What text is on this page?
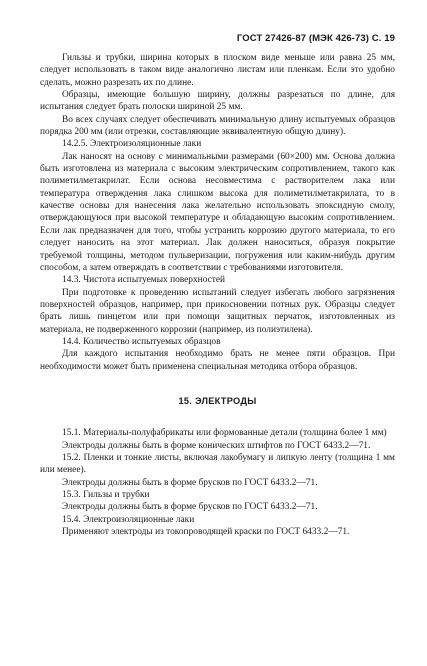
ГОСТ 27426-87 (МЭК 426-73) С. 19

Гильзы и трубки, ширина которых в плоском виде меньше или равна 25 мм, следует использовать в таком виде аналогично листам или пленкам. Если это удобно сделать, можно разрезать их по длине.

Образцы, имеющие большую ширину, должны разрезаться по длине, для испытания следует брать полоски шириной 25 мм.

Во всех случаях следует обеспечивать минимальную длину испытуемых образцов порядка 200 мм (или отрезки, составляющие эквивалентную общую длину).

14.2.5. Электроизоляционные лаки

Лак наносят на основу с минимальными размерами (60×200) мм. Основа должна быть изготовлена из материала с высоким электрическим сопротивлением, такого как полиметилметакрилат. Если основа несовместима с растворителем лака или температура отверждения лака слишком высока для полиметилметакрилата, то в качестве основы для нанесения лака желательно использовать эпоксидную смолу, отверждающуюся при высокой температуре и обладающую высоким сопротивлением. Если лак предназначен для того, чтобы устранить коррозию другого материала, то его следует наносить на этот материал. Лак должен наноситься, образуя покрытие требуемой толщины, методом пульверизации, погружения или каким-нибудь другим способом, а затем отверждать в соответствии с требованиями изготовителя.

14.3. Чистота испытуемых поверхностей

При подготовке к проведению испытаний следует избегать любого загрязнения поверхностей образцов, например, при прикосновении потных рук. Образцы следует брать лишь пинцетом или при помощи защитных перчаток, изготовленных из материала, не подверженного коррозии (например, из полиэтилена).

14.4. Количество испытуемых образцов

Для каждого испытания необходимо брать не менее пяти образцов. При необходимости может быть применена специальная методика отбора образцов.

15. ЭЛЕКТРОДЫ

15.1. Материалы-полуфабрикаты или формованные детали (толщина более 1 мм)

Электроды должны быть в форме конических штифтов по ГОСТ 6433.2—71.

15.2. Пленки и тонкие листы, включая лакобумагу и липкую ленту (толщина 1 мм или менее).

Электроды должны быть в форме брусков по ГОСТ 6433.2—71.

15.3. Гильзы и трубки

Электроды должны быть в форме брусков по ГОСТ 6433.2—71.

15.4. Электроизоляционные лаки

Применяют электроды из токопроводящей краски по ГОСТ 6433.2—71.
